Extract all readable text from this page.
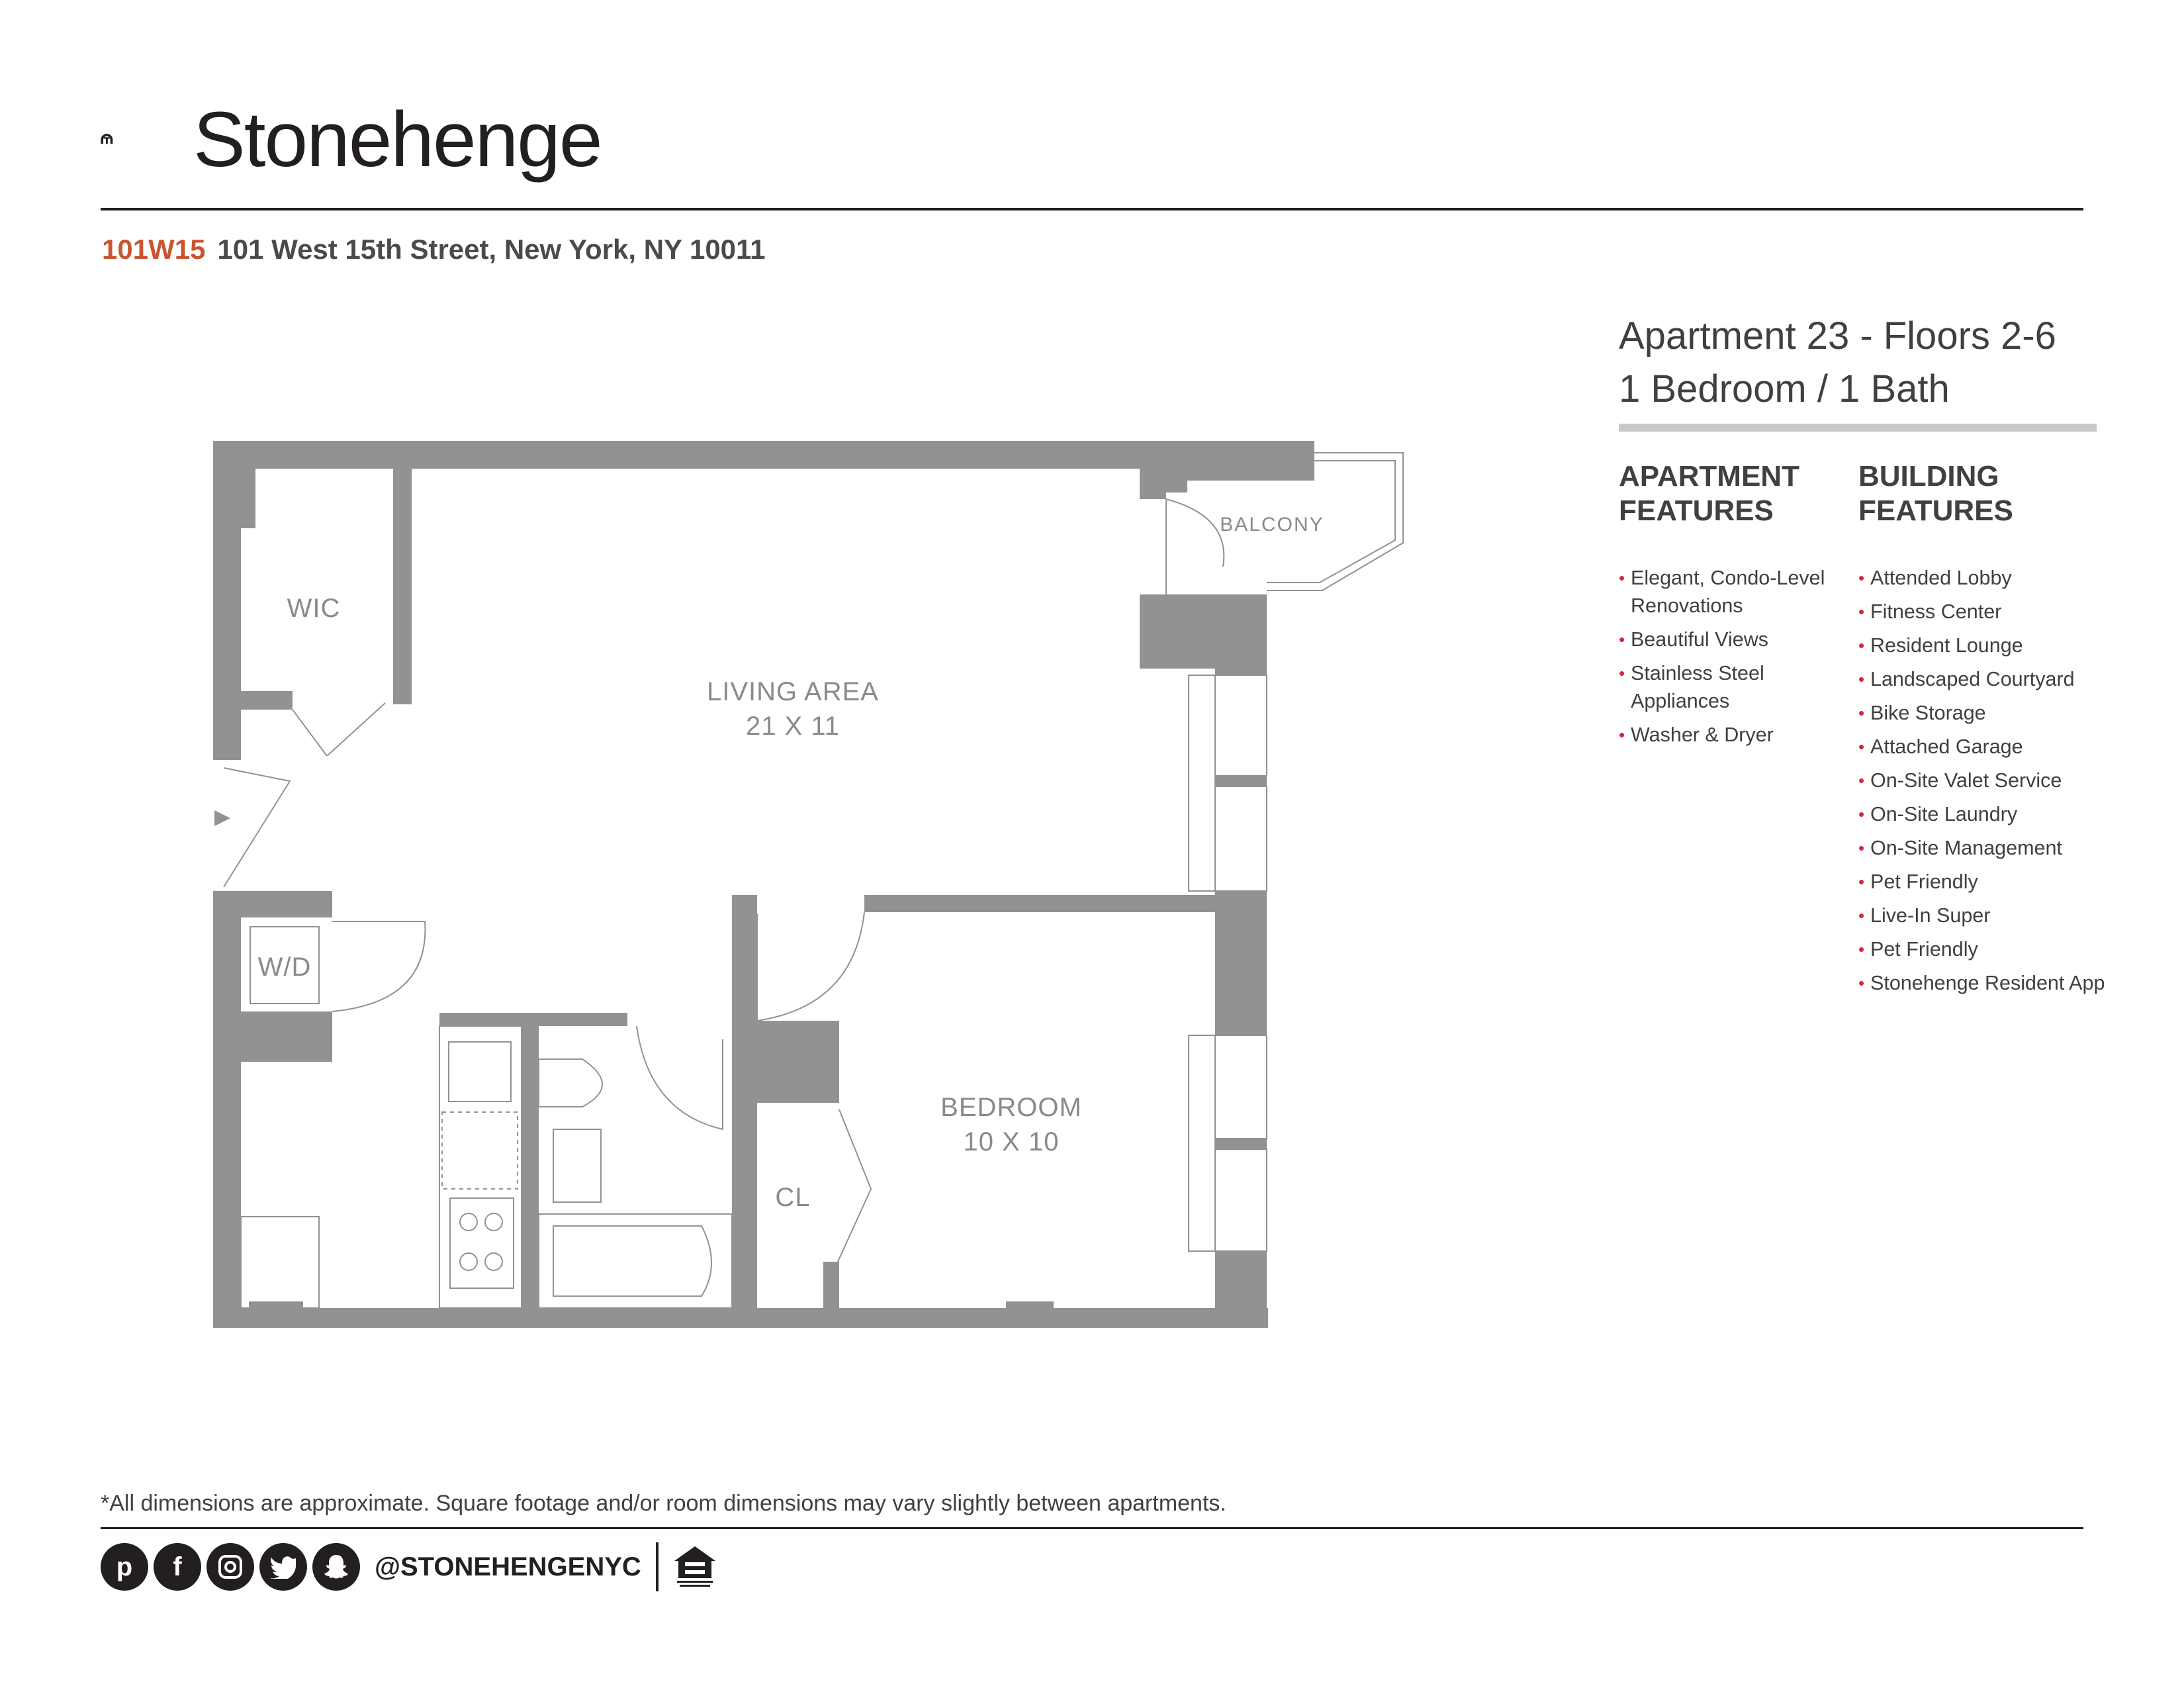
Stonehenge
101W15 101 West 15th Street, New York, NY 10011
Apartment 23 - Floors 2-6
1 Bedroom / 1 Bath
APARTMENT
FEATURES
BUILDING
FEATURES
• Elegant, Condo-Level Renovations
• Beautiful Views
• Stainless Steel Appliances
• Washer & Dryer
• Attended Lobby
• Fitness Center
• Resident Lounge
• Landscaped Courtyard
• Bike Storage
• Attached Garage
• On-Site Valet Service
• On-Site Laundry
• On-Site Management
• Pet Friendly
• Live-In Super
• Pet Friendly
• Stonehenge Resident App
WIC
LIVING AREA
21 X 11
BALCONY
W/D
BEDROOM
10 X 10
CL
*All dimensions are approximate. Square footage and/or room dimensions may vary slightly between apartments.
p	f	@STONEHENGENYC
